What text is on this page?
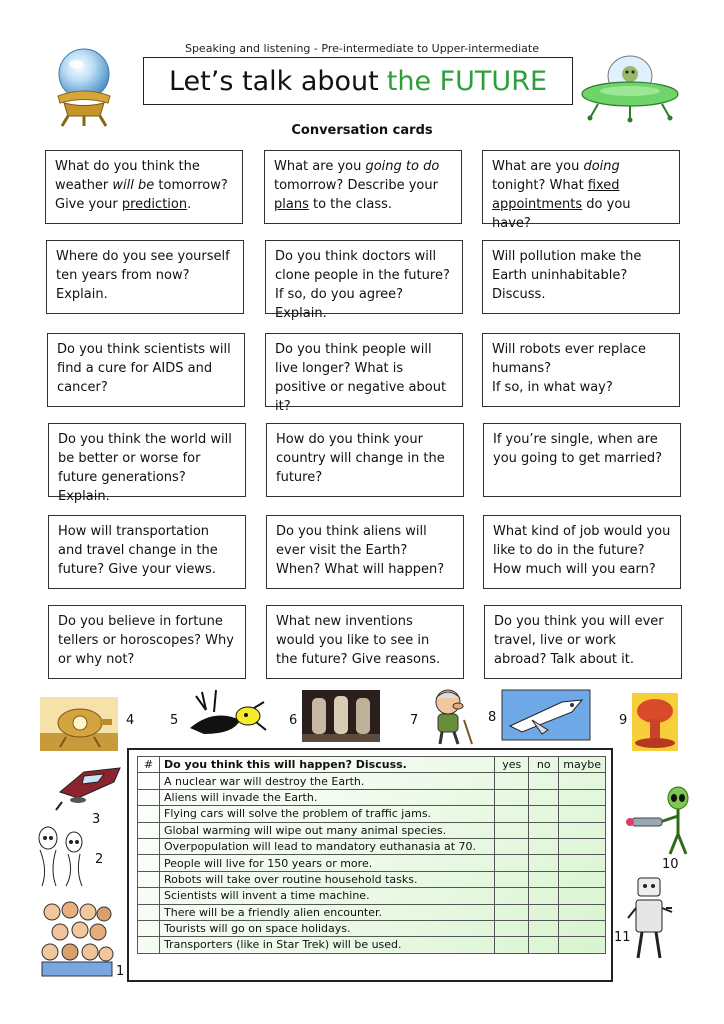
Speaking and listening - Pre-intermediate to Upper-intermediate
Let’s talk about the FUTURE
Conversation cards
What do you think the weather will be tomorrow? Give your prediction.
What are you going to do tomorrow? Describe your plans to the class.
What are you doing tonight? What fixed appointments do you have?
Where do you see yourself ten years from now? Explain.
Do you think doctors will clone people in the future? If so, do you agree? Explain.
Will pollution make the Earth uninhabitable? Discuss.
Do you think scientists will find a cure for AIDS and cancer?
Do you think people will live longer? What is positive or negative about it?
Will robots ever replace humans?
If so, in what way?
Do you think the world will be better or worse for future generations? Explain.
How do you think your country will change in the future?
If you’re single, when are you going to get married?
How will transportation and travel change in the future? Give your views.
Do you think aliens will ever visit the Earth? When? What will happen?
What kind of job would you like to do in the future? How much will you earn?
Do you believe in fortune tellers or horoscopes? Why or why not?
What new inventions would you like to see in the future? Give reasons.
Do you think you will ever travel, live or work abroad? Talk about it.
4	5	6	7	8	9
3
2
1
10
11
#	Do you think this will happen? Discuss.	yes	no	maybe
	A nuclear war will destroy the Earth.			
	Aliens will invade the Earth.			
	Flying cars will solve the problem of traffic jams.			
	Global warming will wipe out many animal species.			
	Overpopulation will lead to mandatory euthanasia at 70.			
	People will live for 150 years or more.			
	Robots will take over routine household tasks.			
	Scientists will invent a time machine.			
	There will be a friendly alien encounter.			
	Tourists will go on space holidays.			
	Transporters (like in Star Trek) will be used.			
